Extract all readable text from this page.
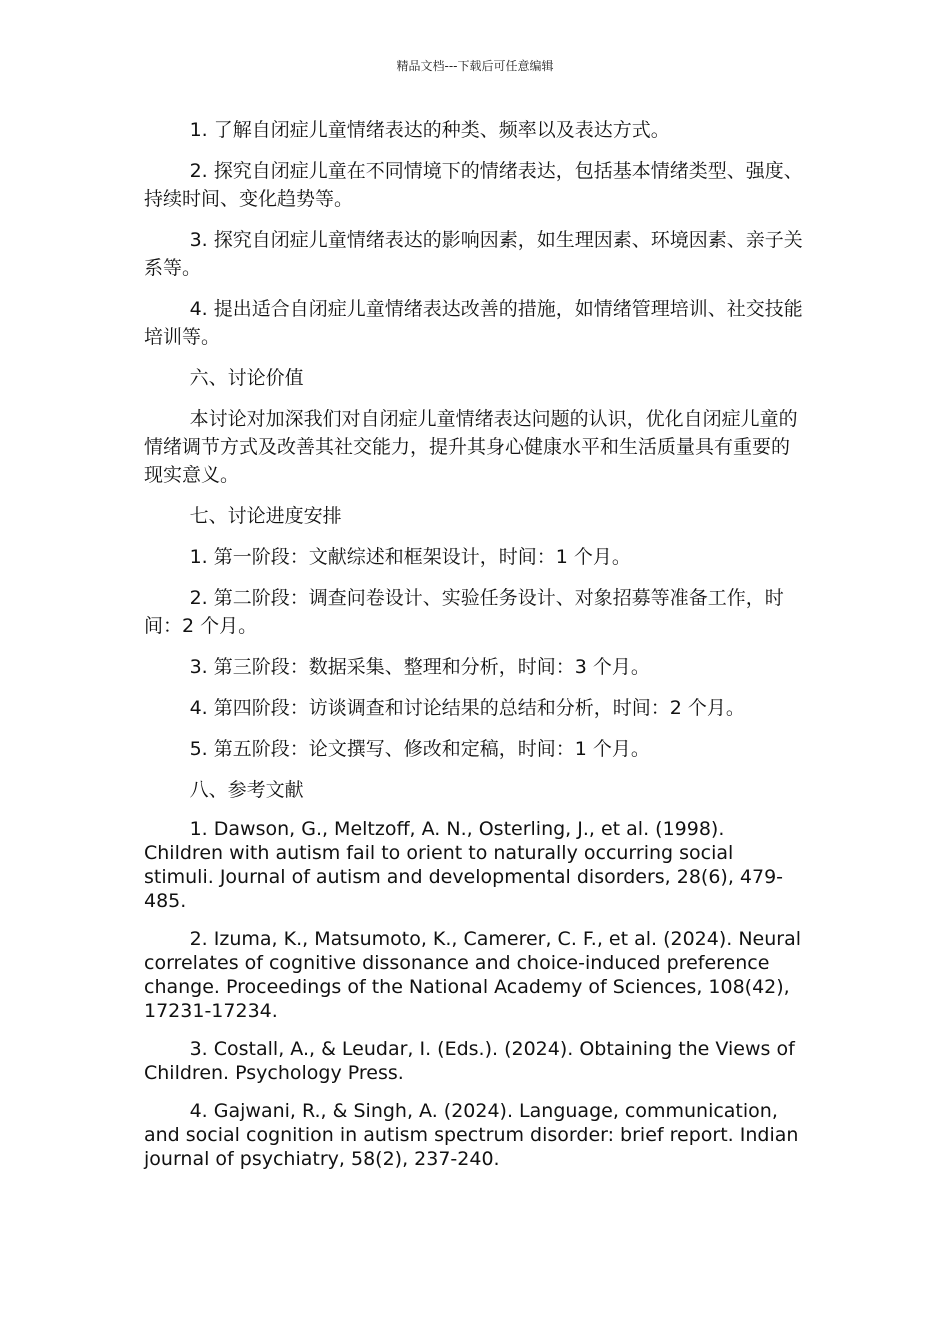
精品文档---下载后可任意编辑

1. 了解自闭症儿童情绪表达的种类、频率以及表达方式。

2. 探究自闭症儿童在不同情境下的情绪表达，包括基本情绪类型、强度、持续时间、变化趋势等。

3. 探究自闭症儿童情绪表达的影响因素，如生理因素、环境因素、亲子关系等。

4. 提出适合自闭症儿童情绪表达改善的措施，如情绪管理培训、社交技能培训等。

六、讨论价值

本讨论对加深我们对自闭症儿童情绪表达问题的认识，优化自闭症儿童的情绪调节方式及改善其社交能力，提升其身心健康水平和生活质量具有重要的现实意义。

七、讨论进度安排

1. 第一阶段：文献综述和框架设计，时间：1 个月。

2. 第二阶段：调查问卷设计、实验任务设计、对象招募等准备工作，时间：2 个月。

3. 第三阶段：数据采集、整理和分析，时间：3 个月。

4. 第四阶段：访谈调查和讨论结果的总结和分析，时间：2 个月。

5. 第五阶段：论文撰写、修改和定稿，时间：1 个月。

八、参考文献

1. Dawson, G., Meltzoff, A. N., Osterling, J., et al. (1998). Children with autism fail to orient to naturally occurring social stimuli. Journal of autism and developmental disorders, 28(6), 479-485.

2. Izuma, K., Matsumoto, K., Camerer, C. F., et al. (2024). Neural correlates of cognitive dissonance and choice-induced preference change. Proceedings of the National Academy of Sciences, 108(42), 17231-17234.

3. Costall, A., & Leudar, I. (Eds.). (2024). Obtaining the Views of Children. Psychology Press.

4. Gajwani, R., & Singh, A. (2024). Language, communication, and social cognition in autism spectrum disorder: brief report. Indian journal of psychiatry, 58(2), 237-240.
